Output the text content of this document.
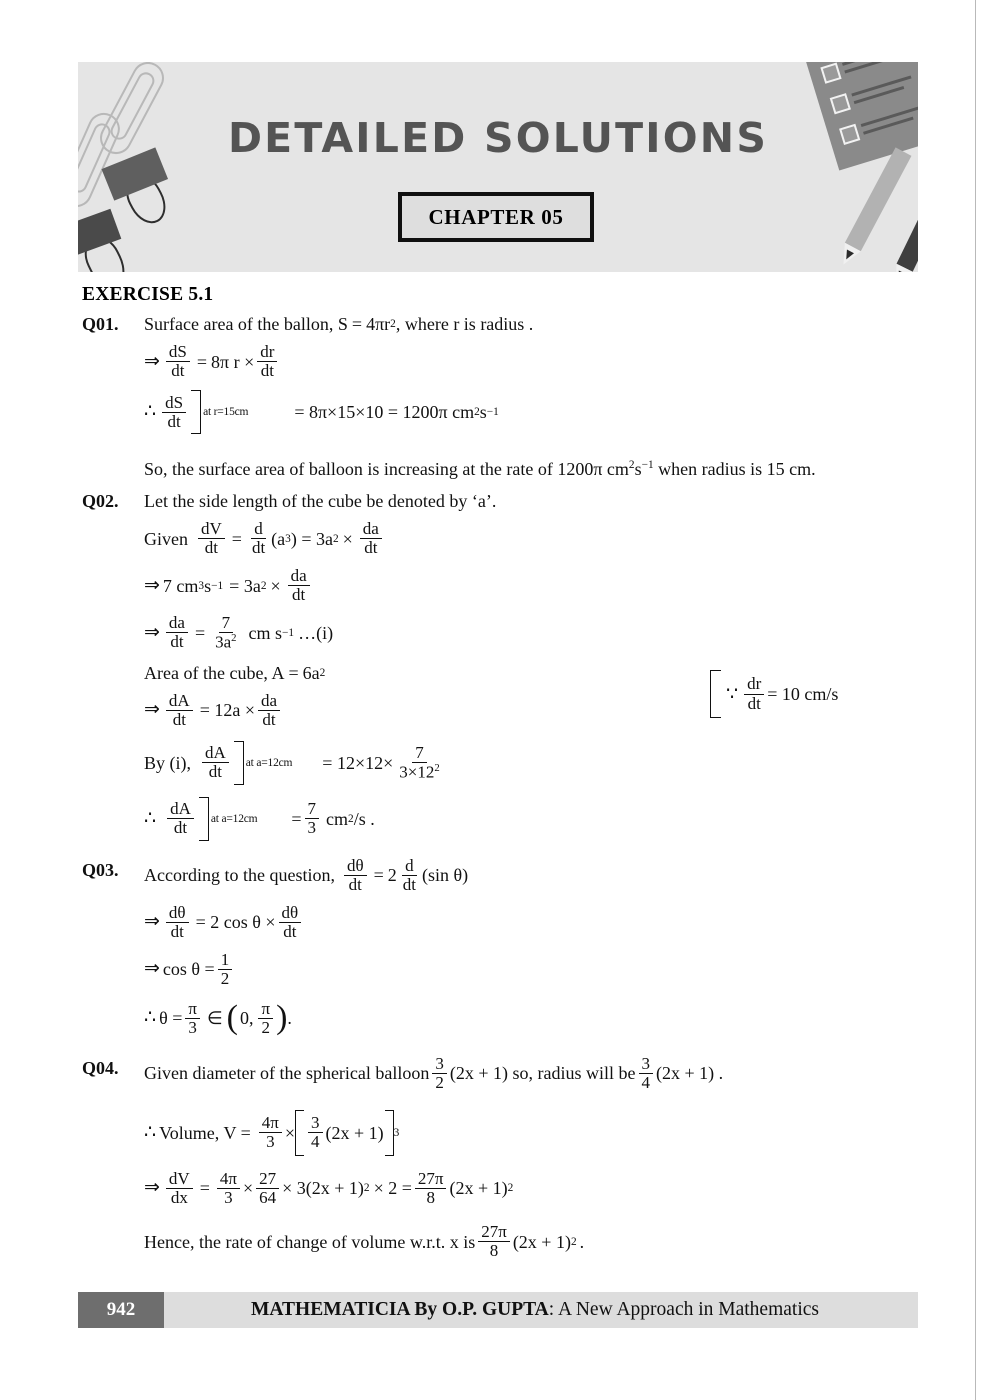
DETAILED SOLUTIONS
CHAPTER 05
EXERCISE 5.1
Q01.	Surface area of the ballon, S = 4πr 2 , where r is radius .
⇒ $\frac{dS}{dt} = 8\pi$ $r \times \frac{dr}{dt}$
∴ $\frac{dS}{dt}$ at r=15cm	= 8π×15×10 = 1200π cm 2 s −1
∵ $\frac{dr}{dt} = 10$ cm/s
So, the surface area of balloon is increasing at the rate of 1200π $cm^2s^{-1}$ when radius is 15 cm.
Q02.	Let the side length of the cube be denoted by ‘a’.
Given $\frac{dV}{dt} = \frac{d}{dt} (a$ 3 ) = 3a $2 \times \frac{da}{dt}$
⇒ 7 cm 3 s −1 = 3a $2 \times \frac{da}{dt}$
⇒ $\frac{da}{dt} = \frac{7}{3a^2}$ cm s −1 …(i)
Area of the cube, A = 6a 2
⇒ $\frac{dA}{dt} = 12a \times \frac{da}{dt}$
By (i), $\frac{dA}{dt}$ at $a=12cm = 12\times 12\times \frac{7}{3\times 12^2}$
∴ $\frac{dA}{dt}$ at $a=12cm = \frac{7}{3}$ cm 2 /s .
Q03.	According to the question, $\frac{d\theta}{dt} = 2 \frac{d}{dt} (\sin$ θ)
⇒ $\frac{d\theta}{dt} = 2$ $\cos \theta \times \frac{d\theta}{dt}$
⇒ $\cos \theta = \frac{1}{2}$
∴ $\theta = \frac{\pi}{3}$ ∈ ( 0, $\frac{\pi}{2}$ ) .
Q04.	Given diameter of the spherical balloon $\frac{3}{2} (2x + 1)$ so, radius will be $\frac{3}{4} (2x + 1)$ .
∴ Volume, $V = \frac{4\pi}{3} \times \frac{3}{4} (2x + 1)$ 3
⇒ $\frac{dV}{dx} = \frac{4\pi}{3} \times \frac{27}{64} \times 3(2x + 1) 2 \times 2 = \frac{27\pi}{8} (2x + 1)$ 2
Hence, the rate of change of volume w.r.t. x is $\frac{27\pi}{8} (2x + 1)$ 2 .
942	MATHEMATICIA By O.P. GUPTA : A New Approach in Mathematics
